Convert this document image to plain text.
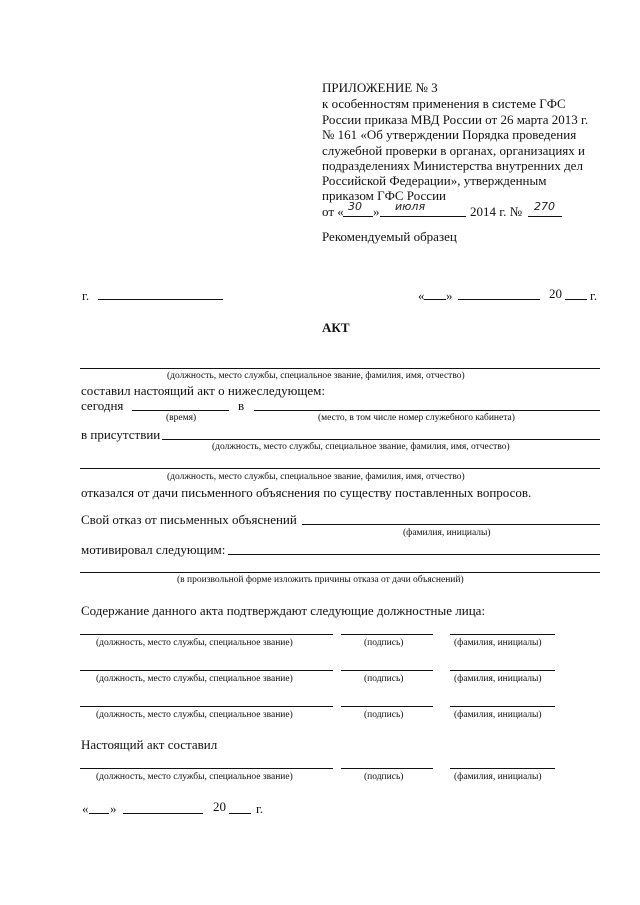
ПРИЛОЖЕНИЕ № 3
к особенностям применения в системе ГФС
России приказа МВД России от 26 марта 2013 г.
№ 161 «Об утверждении Порядка проведения
служебной проверки в органах, организациях и
подразделениях Министерства внутренних дел
Российской Федерации», утвержденным
приказом ГФС России
от « 30 » июля	2014 г. № 270
Рекомендуемый образец
г.	« »	20 г.
АКТ
(должность, место службы, специальное звание, фамилия, имя, отчество)
составил настоящий акт о нижеследующем:
сегодня	в
(время)	(место, в том числе номер служебного кабинета)
в присутствии
(должность, место службы, специальное звание, фамилия, имя, отчество)
(должность, место службы, специальное звание, фамилия, имя, отчество)
отказался от дачи письменного объяснения по существу поставленных вопросов.
Свой отказ от письменных объяснений
(фамилия, инициалы)
мотивировал следующим:
(в произвольной форме изложить причины отказа от дачи объяснений)
Содержание данного акта подтверждают следующие должностные лица:
(должность, место службы, специальное звание)	(подпись)	(фамилия, инициалы)
(должность, место службы, специальное звание)	(подпись)	(фамилия, инициалы)
(должность, место службы, специальное звание)	(подпись)	(фамилия, инициалы)
Настоящий акт составил
(должность, место службы, специальное звание)	(подпись)	(фамилия, инициалы)
« »	20 г.
